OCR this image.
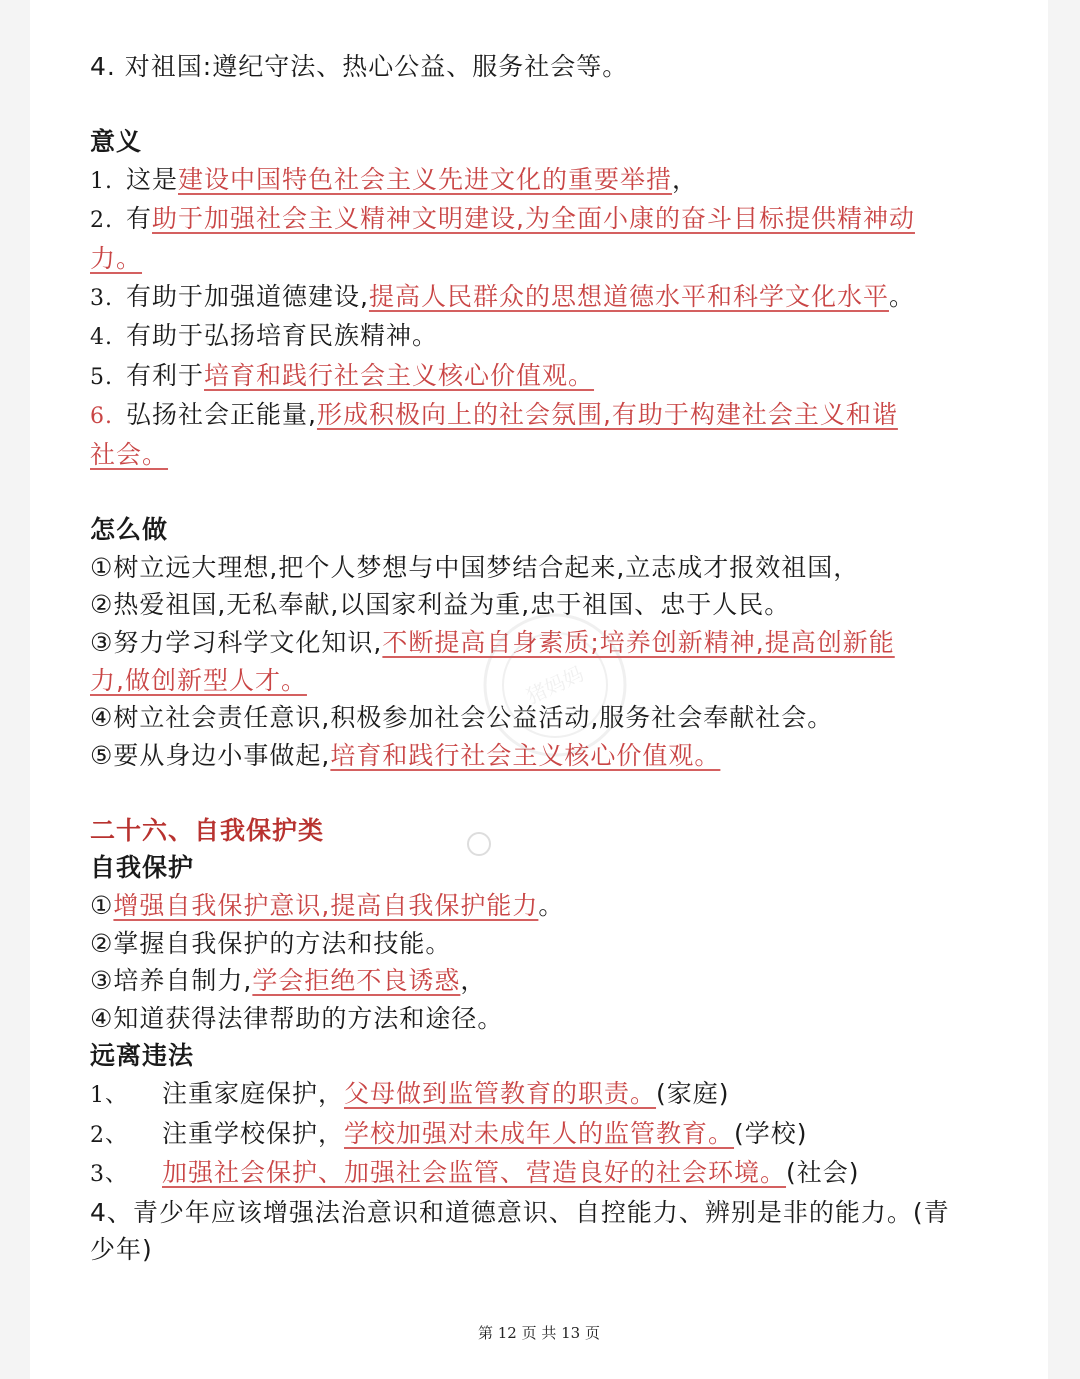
4. 对祖国:遵纪守法、热心公益、服务社会等。
意义
1. 这是建设中国特色社会主义先进文化的重要举措，
2. 有助于加强社会主义精神文明建设,为全面小康的奋斗目标提供精神动
力。
3. 有助于加强道德建设,提高人民群众的思想道德水平和科学文化水平。
4. 有助于弘扬培育民族精神。
5. 有利于培育和践行社会主义核心价值观。
6. 弘扬社会正能量,形成积极向上的社会氛围,有助于构建社会主义和谐
社会。
怎么做
①树立远大理想,把个人梦想与中国梦结合起来,立志成才报效祖国，
②热爱祖国,无私奉献,以国家利益为重,忠于祖国、忠于人民。
③努力学习科学文化知识,不断提高自身素质;培养创新精神,提高创新能
力,做创新型人才。
④树立社会责任意识,积极参加社会公益活动,服务社会奉献社会。
⑤要从身边小事做起,培育和践行社会主义核心价值观。
二十六、自我保护类
自我保护
①增强自我保护意识,提高自我保护能力。
②掌握自我保护的方法和技能。
③培养自制力,学会拒绝不良诱惑，
④知道获得法律帮助的方法和途径。
远离违法
1、 注重家庭保护，父母做到监管教育的职责。(家庭)
2、 注重学校保护，学校加强对未成年人的监管教育。(学校)
3、 加强社会保护、加强社会监管、营造良好的社会环境。(社会)
4、青少年应该增强法治意识和道德意识、自控能力、辨别是非的能力。(青
少年)
猪妈妈
第 12 页 共 13 页
